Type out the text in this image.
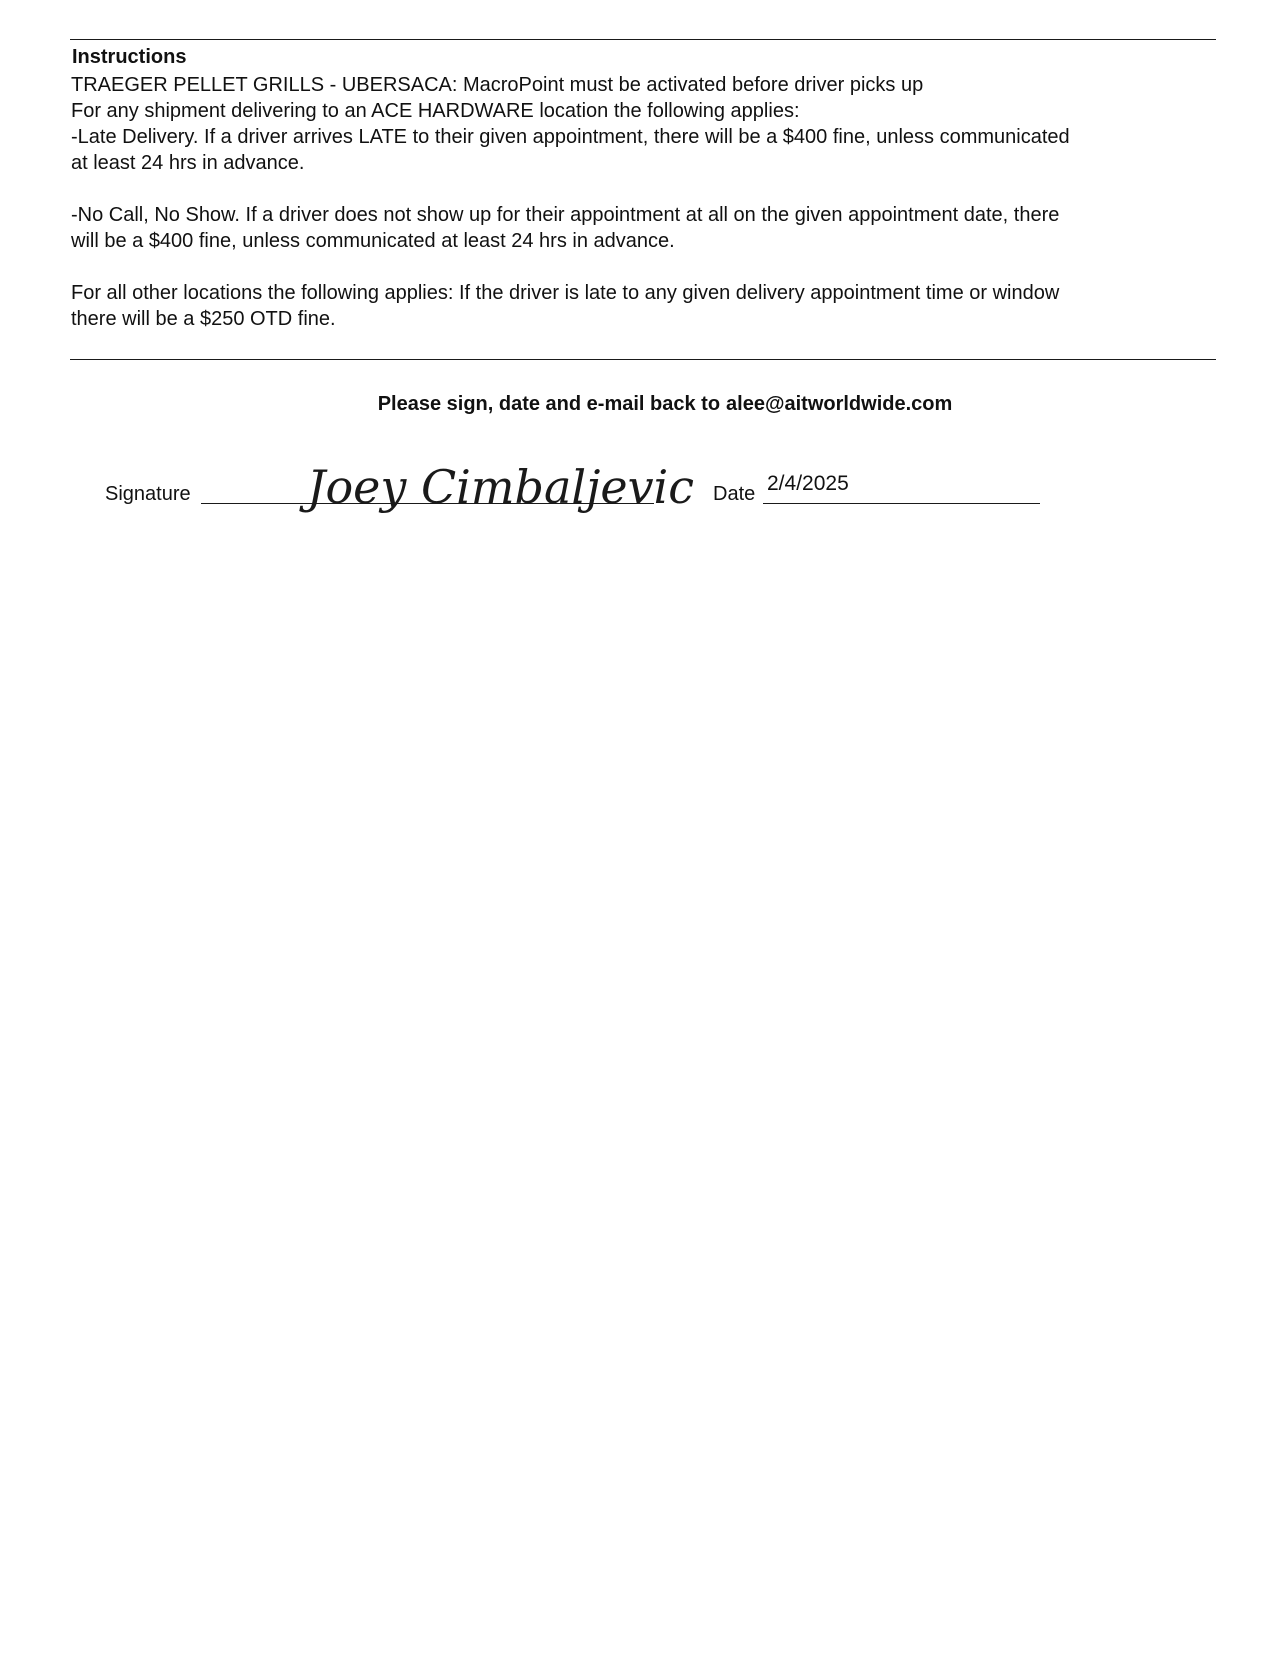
Instructions
TRAEGER PELLET GRILLS - UBERSACA: MacroPoint must be activated before driver picks up
For any shipment delivering to an ACE HARDWARE location the following applies:
-Late Delivery. If a driver arrives LATE to their given appointment, there will be a $400 fine, unless communicated
at least 24 hrs in advance.
-No Call, No Show. If a driver does not show up for their appointment at all on the given appointment date, there
will be a $400 fine, unless communicated at least 24 hrs in advance.
For all other locations the following applies: If the driver is late to any given delivery appointment time or window
there will be a $250 OTD fine.
Please sign, date and e-mail back to alee@aitworldwide.com
Signature	Joey Cimbaljevic Date 2/4/2025
